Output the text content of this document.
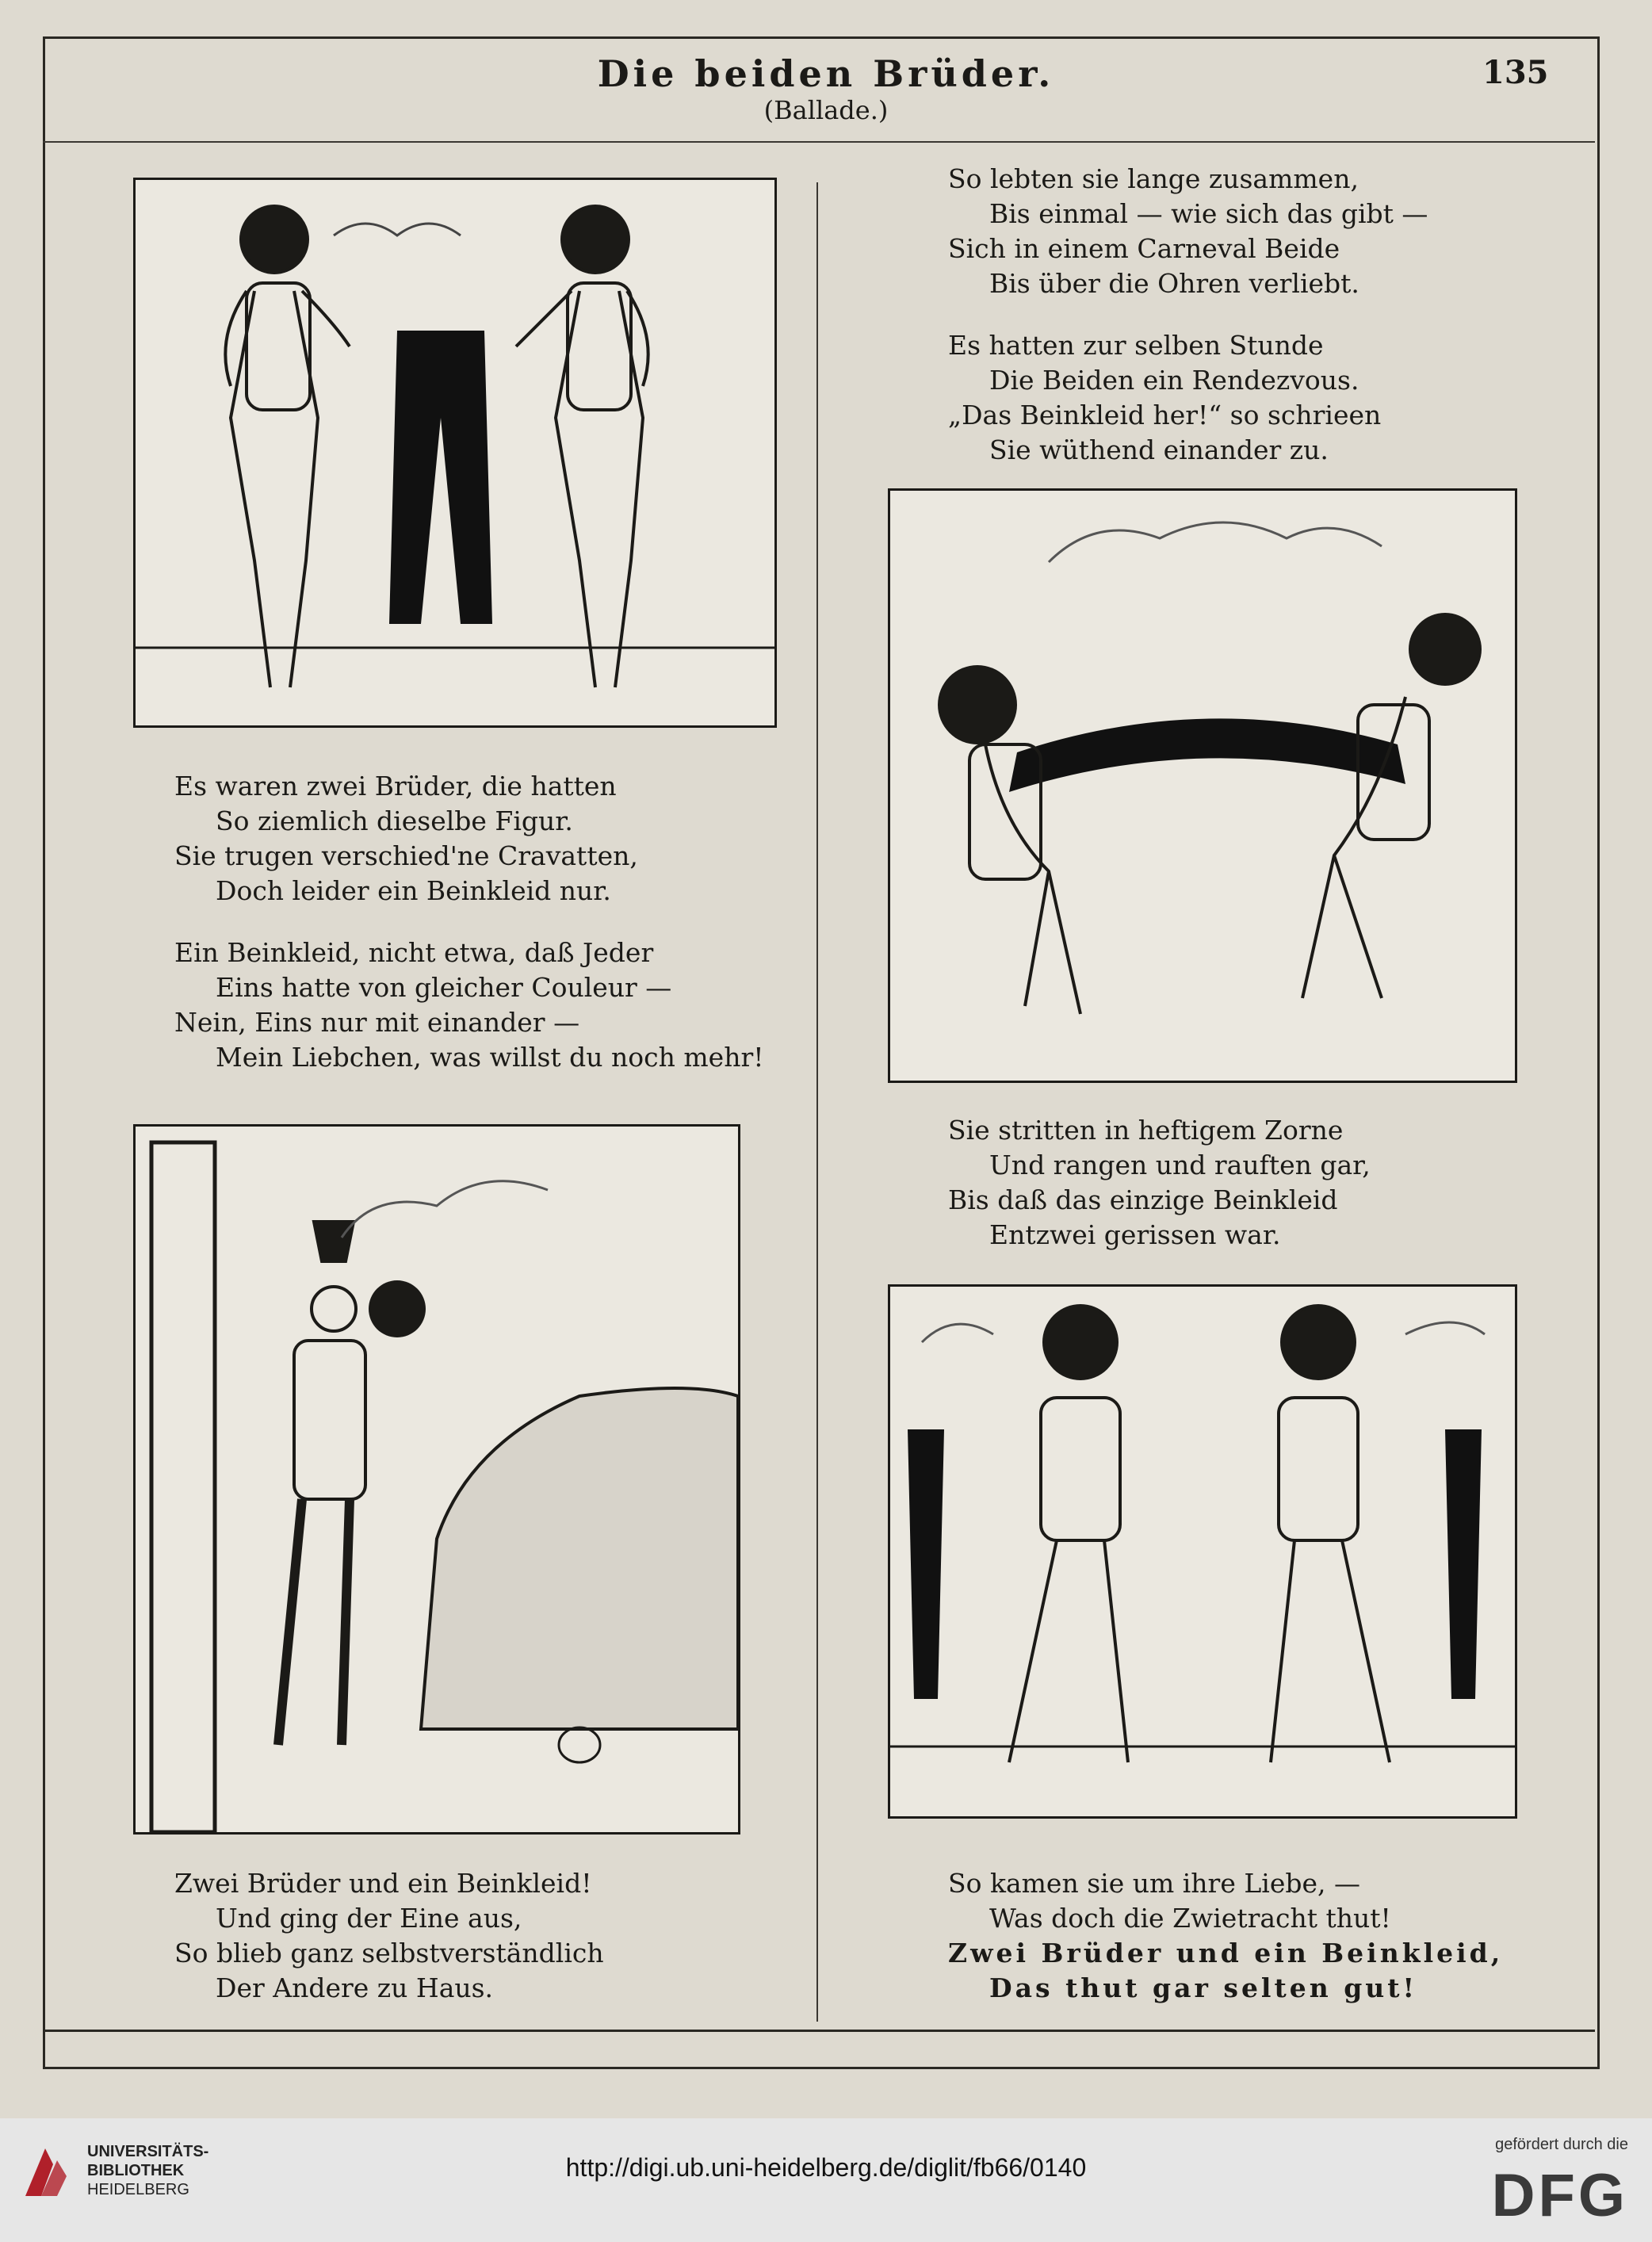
Die beiden Brüder.
(Ballade.)
135
Es waren zwei Brüder, die hatten
So ziemlich dieselbe Figur.
Sie trugen verschied'ne Cravatten,
Doch leider ein Beinkleid nur.
Ein Beinkleid, nicht etwa, daß Jeder
Eins hatte von gleicher Couleur —
Nein, Eins nur mit einander —
Mein Liebchen, was willst du noch mehr!
Zwei Brüder und ein Beinkleid!
Und ging der Eine aus,
So blieb ganz selbstverständlich
Der Andere zu Haus.
So lebten sie lange zusammen,
Bis einmal — wie sich das gibt —
Sich in einem Carneval Beide
Bis über die Ohren verliebt.
Es hatten zur selben Stunde
Die Beiden ein Rendezvous.
„Das Beinkleid her!“ so schrieen
Sie wüthend einander zu.
Sie stritten in heftigem Zorne
Und rangen und rauften gar,
Bis daß das einzige Beinkleid
Entzwei gerissen war.
So kamen sie um ihre Liebe, —
Was doch die Zwietracht thut!
Zwei Brüder und ein Beinkleid,
Das thut gar selten gut!
UNIVERSITÄTS-
BIBLIOTHEK
HEIDELBERG
http://digi.ub.uni-heidelberg.de/diglit/fb66/0140
gefördert durch die
DFG
